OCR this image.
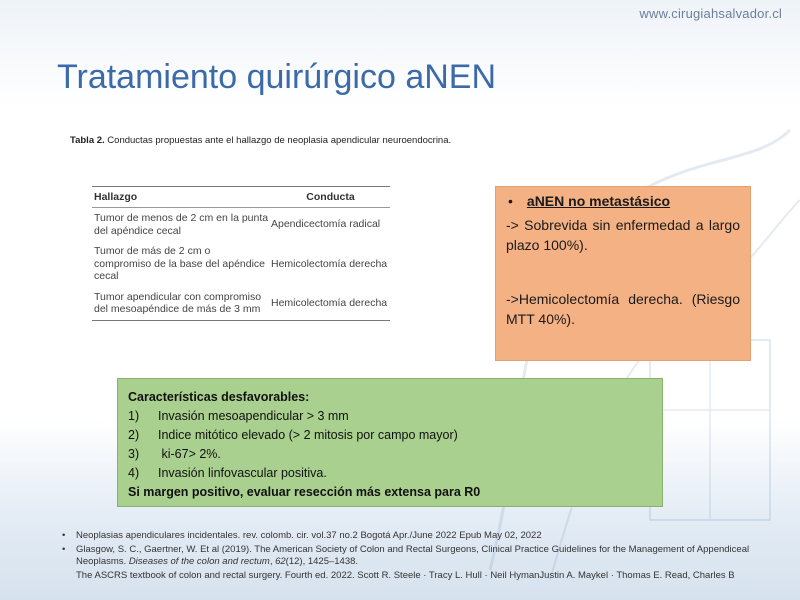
www.cirugiahsalvador.cl
Tratamiento quirúrgico aNEN
Tabla 2. Conductas propuestas ante el hallazgo de neoplasia apendicular neuroendocrina.
Hallazgo	Conducta
Tumor de menos de 2 cm en la punta del apéndice cecal	Apendicectomía radical
Tumor de más de 2 cm o compromiso de la base del apéndice cecal	Hemicolectomía derecha
Tumor apendicular con compromiso del mesoapéndice de más de 3 mm	Hemicolectomía derecha
• aNEN no metastásico

-> Sobrevida sin enfermedad a largo plazo 100%).

->Hemicolectomía derecha. (Riesgo MTT 40%).

Características desfavorables:
1) Invasión mesoapendicular > 3 mm
2) Indice mitótico elevado (> 2 mitosis por campo mayor)
3) ki-67> 2%.
4) Invasión linfovascular positiva.
Si margen positivo, evaluar resección más extensa para R0
• Neoplasias apendiculares incidentales. rev. colomb. cir. vol.37 no.2 Bogotá Apr./June 2022 Epub May 02, 2022
• Glasgow, S. C., Gaertner, W. Et al (2019). The American Society of Colon and Rectal Surgeons, Clinical Practice Guidelines for the Management of Appendiceal Neoplasms. Diseases of the colon and rectum, 62(12), 1425–1438.
The ASCRS textbook of colon and rectal surgery. Fourth ed. 2022. Scott R. Steele · Tracy L. Hull · Neil HymanJustin A. Maykel · Thomas E. Read, Charles B
